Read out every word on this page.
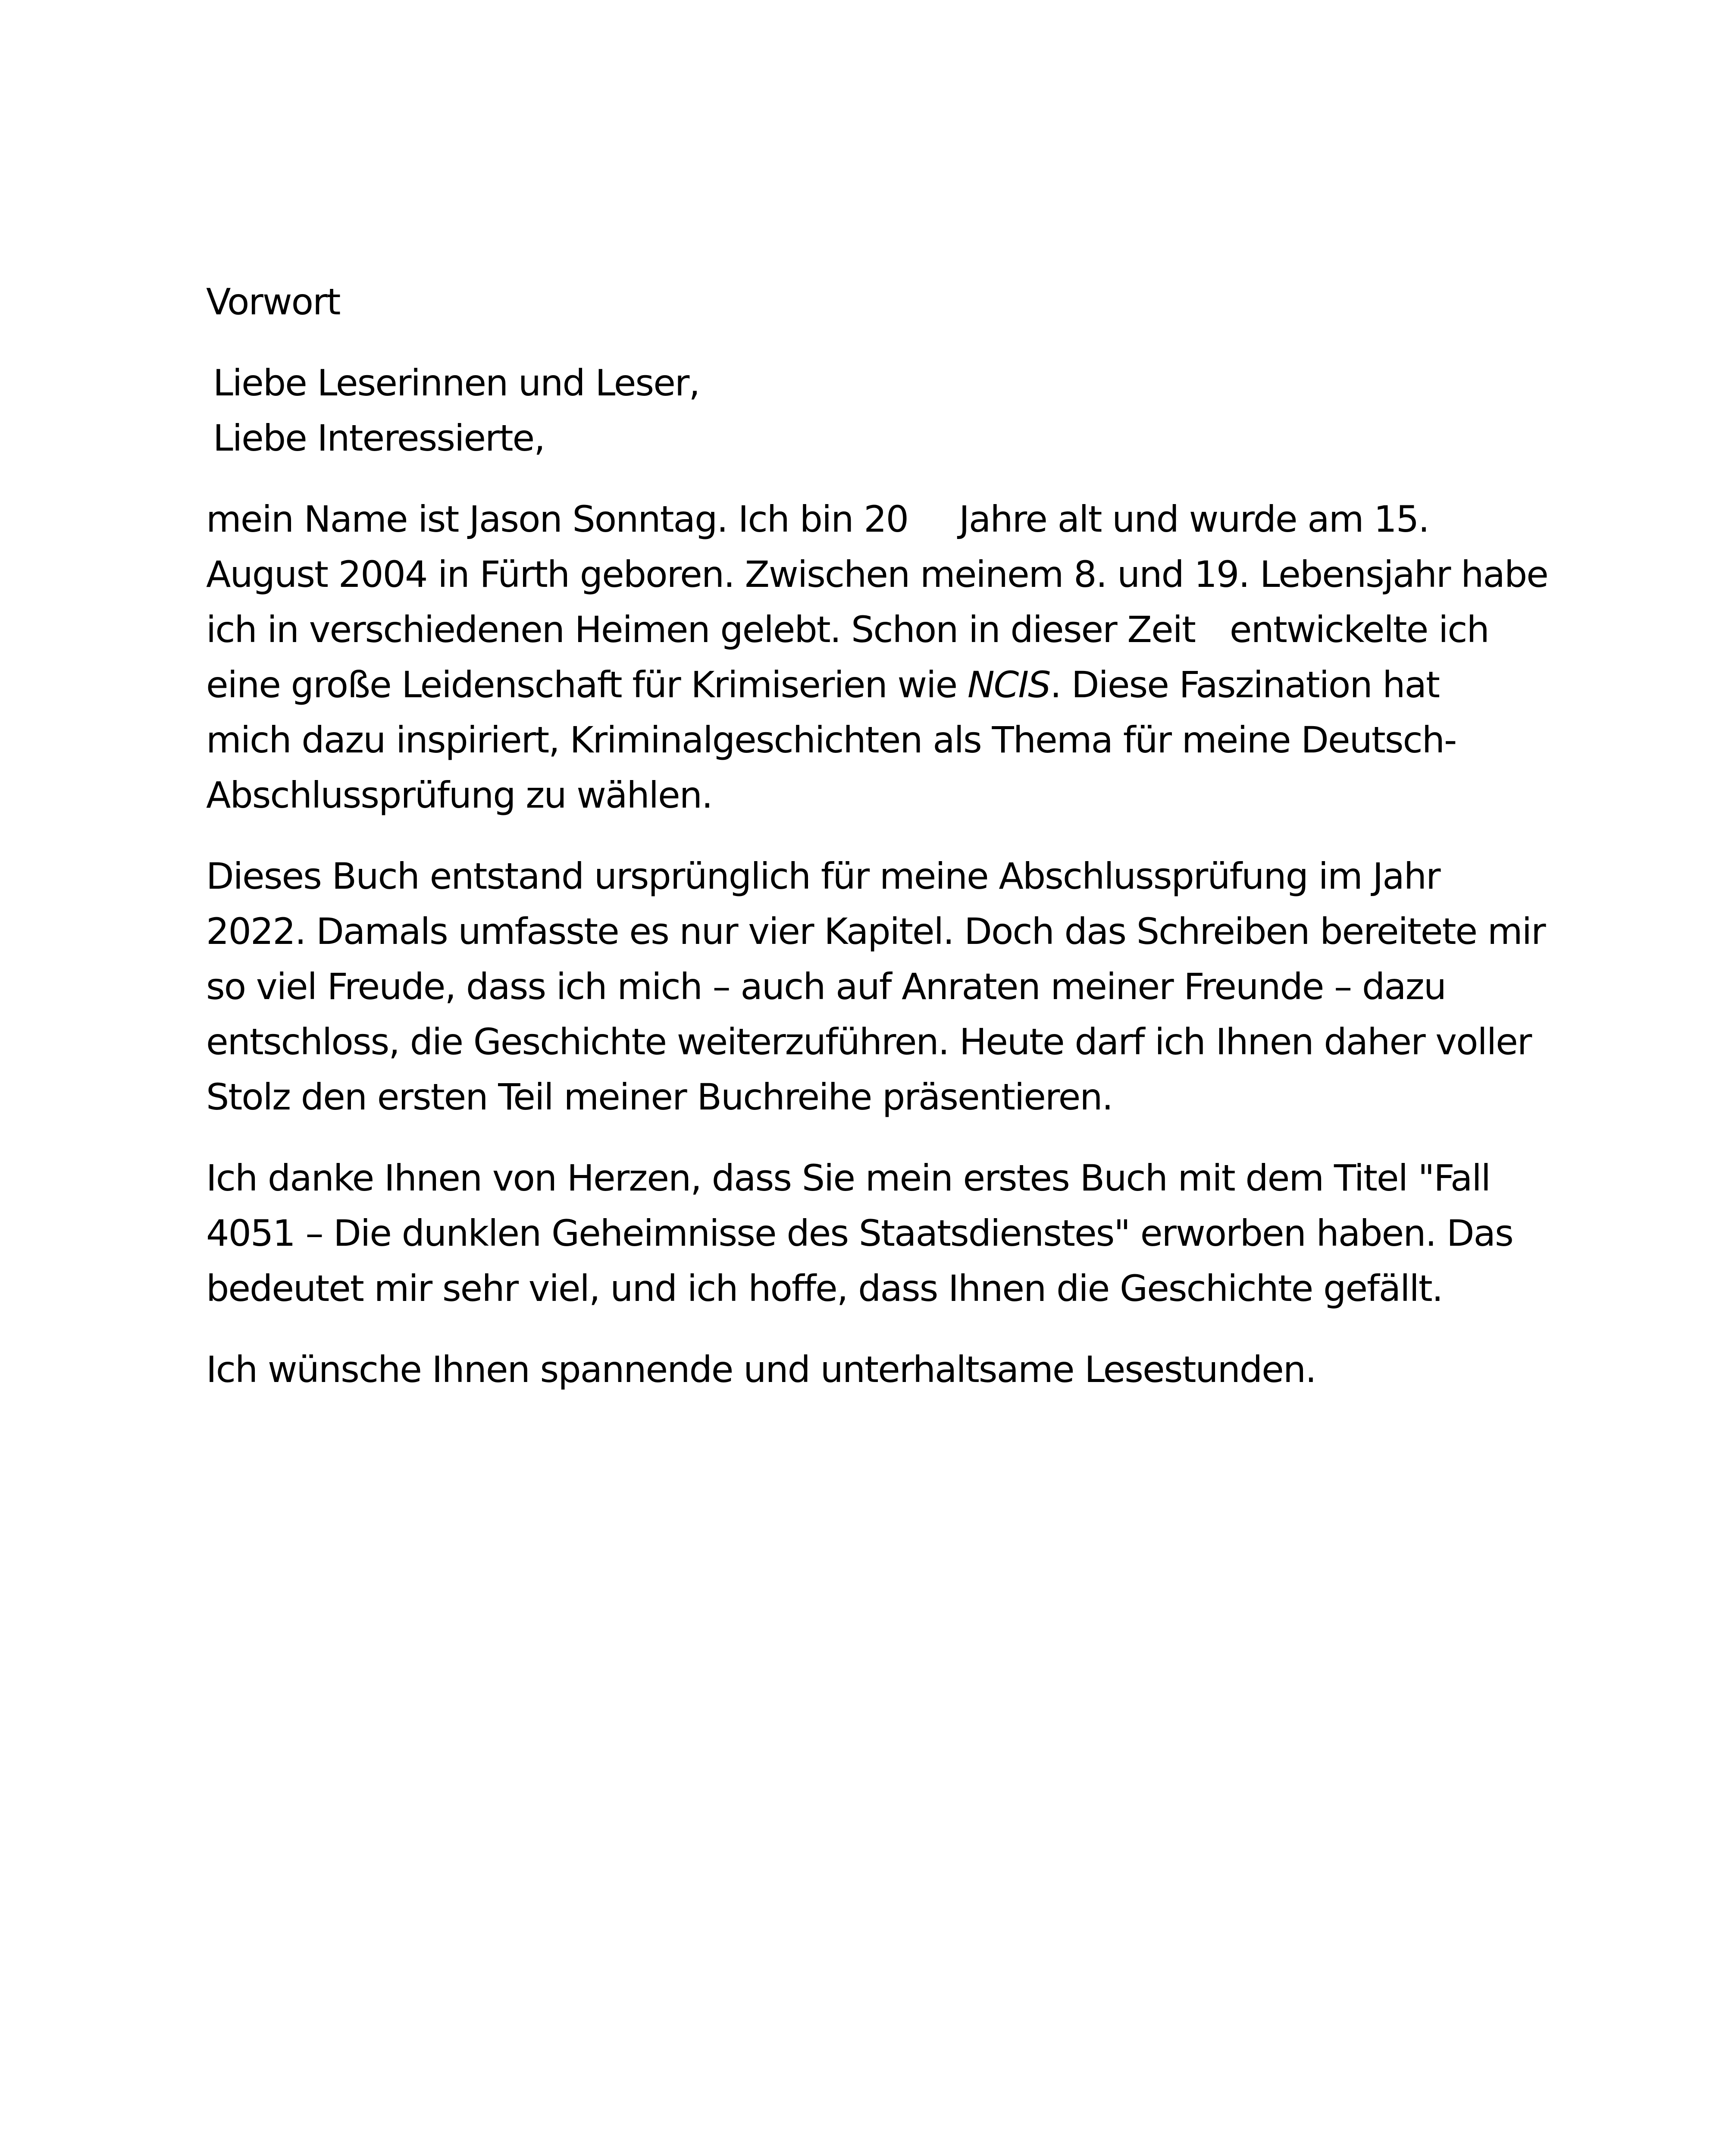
Vorwort
Liebe Leserinnen und Leser,
Liebe Interessierte,
mein Name ist Jason Sonntag. Ich bin 20 Jahre alt und wurde am 15.
August 2004 in Fürth geboren. Zwischen meinem 8. und 19. Lebensjahr habe
ich in verschiedenen Heimen gelebt. Schon in dieser Zeit entwickelte ich
eine große Leidenschaft für Krimiserien wie NCIS. Diese Faszination hat
mich dazu inspiriert, Kriminalgeschichten als Thema für meine Deutsch-
Abschlussprüfung zu wählen.
Dieses Buch entstand ursprünglich für meine Abschlussprüfung im Jahr
2022. Damals umfasste es nur vier Kapitel. Doch das Schreiben bereitete mir
so viel Freude, dass ich mich – auch auf Anraten meiner Freunde – dazu
entschloss, die Geschichte weiterzuführen. Heute darf ich Ihnen daher voller
Stolz den ersten Teil meiner Buchreihe präsentieren.
Ich danke Ihnen von Herzen, dass Sie mein erstes Buch mit dem Titel "Fall
4051 – Die dunklen Geheimnisse des Staatsdienstes" erworben haben. Das
bedeutet mir sehr viel, und ich hoffe, dass Ihnen die Geschichte gefällt.
Ich wünsche Ihnen spannende und unterhaltsame Lesestunden.
